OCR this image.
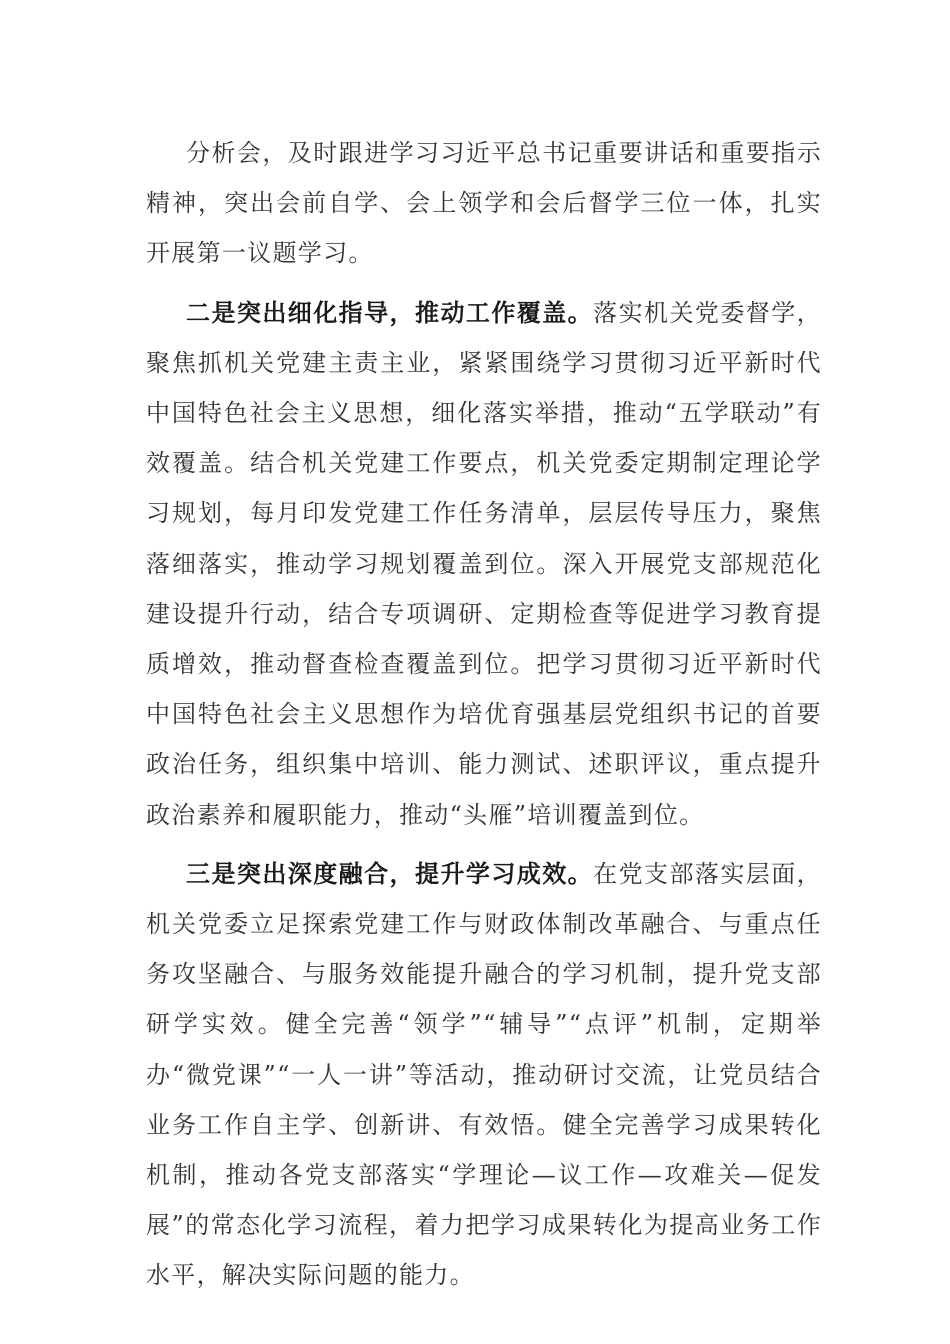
分析会，及时跟进学习习近平总书记重要讲话和重要指示精神，突出会前自学、会上领学和会后督学三位一体，扎实开展第一议题学习。

二是突出细化指导，推动工作覆盖。落实机关党委督学，聚焦抓机关党建主责主业，紧紧围绕学习贯彻习近平新时代中国特色社会主义思想，细化落实举措，推动“五学联动”有效覆盖。结合机关党建工作要点，机关党委定期制定理论学习规划，每月印发党建工作任务清单，层层传导压力，聚焦落细落实，推动学习规划覆盖到位。深入开展党支部规范化建设提升行动，结合专项调研、定期检查等促进学习教育提质增效，推动督查检查覆盖到位。把学习贯彻习近平新时代中国特色社会主义思想作为培优育强基层党组织书记的首要政治任务，组织集中培训、能力测试、述职评议，重点提升政治素养和履职能力，推动“头雁”培训覆盖到位。

三是突出深度融合，提升学习成效。在党支部落实层面，机关党委立足探索党建工作与财政体制改革融合、与重点任务攻坚融合、与服务效能提升融合的学习机制，提升党支部研学实效。健全完善“领学”“辅导”“点评”机制，定期举办“微党课”“一人一讲”等活动，推动研讨交流，让党员结合业务工作自主学、创新讲、有效悟。健全完善学习成果转化机制，推动各党支部落实“学理论—议工作—攻难关—促发展”的常态化学习流程，着力把学习成果转化为提高业务工作水平，解决实际问题的能力。
